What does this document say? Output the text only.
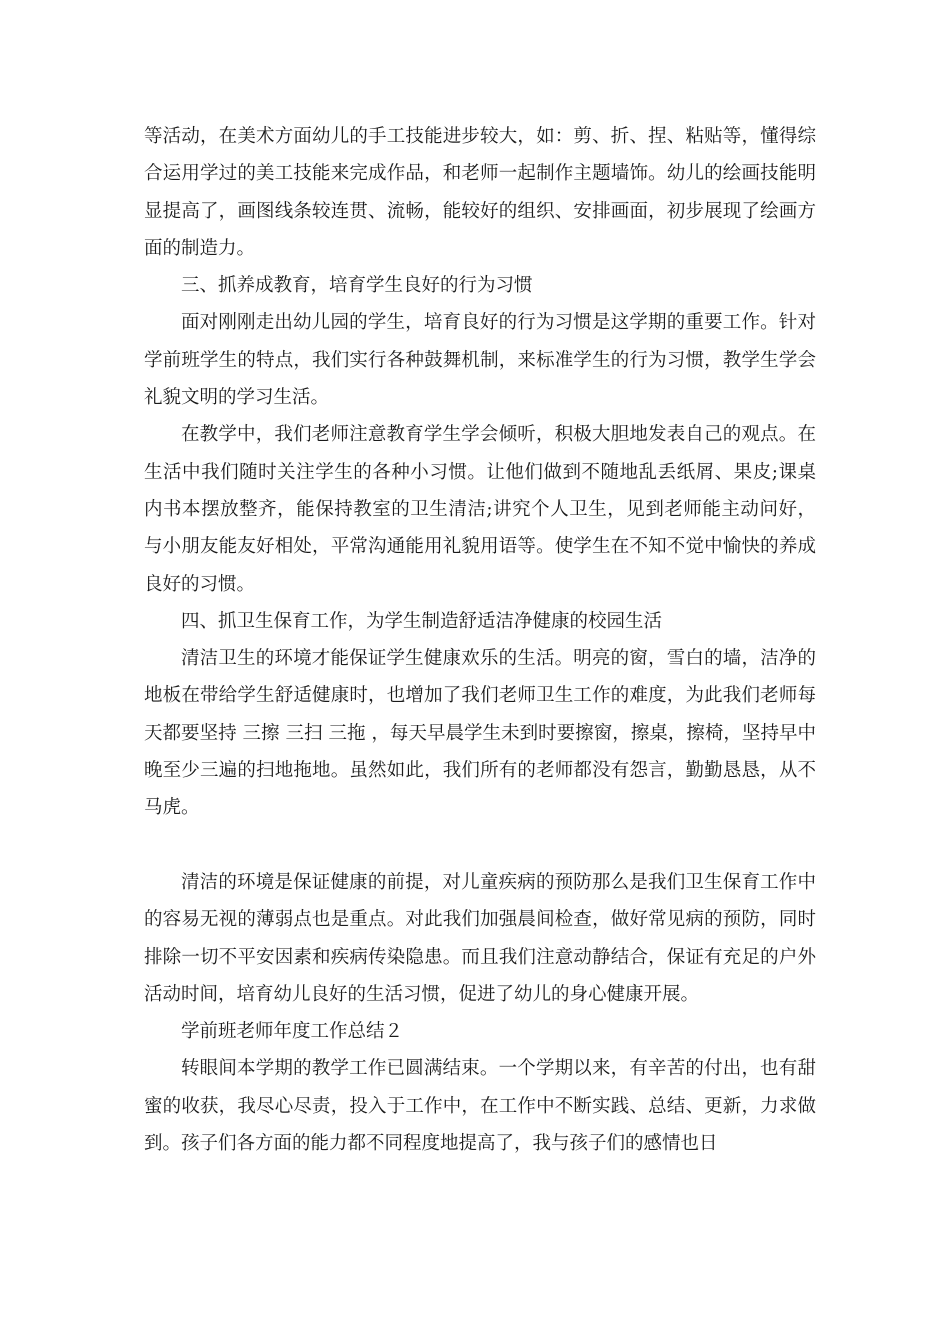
等活动，在美术方面幼儿的手工技能进步较大，如：剪、折、捏、粘贴等，懂得综合运用学过的美工技能来完成作品，和老师一起制作主题墙饰。幼儿的绘画技能明显提高了，画图线条较连贯、流畅，能较好的组织、安排画面，初步展现了绘画方面的制造力。

三、抓养成教育，培育学生良好的行为习惯

面对刚刚走出幼儿园的学生，培育良好的行为习惯是这学期的重要工作。针对学前班学生的特点，我们实行各种鼓舞机制，来标准学生的行为习惯，教学生学会礼貌文明的学习生活。

在教学中，我们老师注意教育学生学会倾听，积极大胆地发表自己的观点。在生活中我们随时关注学生的各种小习惯。让他们做到不随地乱丢纸屑、果皮;课桌内书本摆放整齐，能保持教室的卫生清洁;讲究个人卫生，见到老师能主动问好，与小朋友能友好相处，平常沟通能用礼貌用语等。使学生在不知不觉中愉快的养成良好的习惯。

四、抓卫生保育工作，为学生制造舒适洁净健康的校园生活

清洁卫生的环境才能保证学生健康欢乐的生活。明亮的窗，雪白的墙，洁净的地板在带给学生舒适健康时，也增加了我们老师卫生工作的难度，为此我们老师每天都要坚持 三擦 三扫 三拖 ，每天早晨学生未到时要擦窗，擦桌，擦椅，坚持早中晚至少三遍的扫地拖地。虽然如此，我们所有的老师都没有怨言，勤勤恳恳，从不马虎。

清洁的环境是保证健康的前提，对儿童疾病的预防那么是我们卫生保育工作中的容易无视的薄弱点也是重点。对此我们加强晨间检查，做好常见病的预防，同时排除一切不平安因素和疾病传染隐患。而且我们注意动静结合，保证有充足的户外活动时间，培育幼儿良好的生活习惯，促进了幼儿的身心健康开展。

学前班老师年度工作总结２

转眼间本学期的教学工作已圆满结束。一个学期以来，有辛苦的付出，也有甜蜜的收获，我尽心尽责，投入于工作中，在工作中不断实践、总结、更新，力求做到。孩子们各方面的能力都不同程度地提高了，我与孩子们的感情也日
